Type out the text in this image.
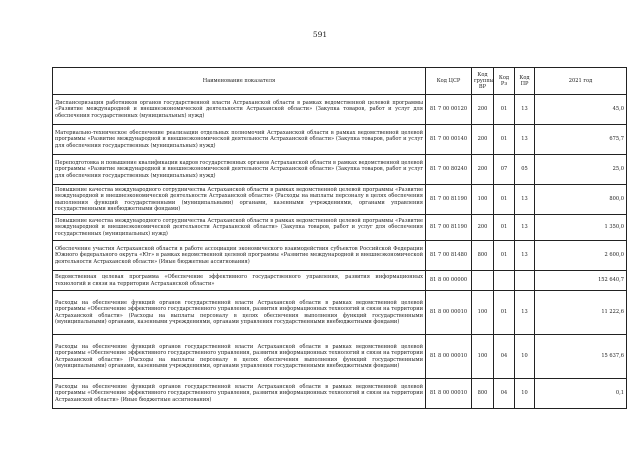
591
Наименование показателя	Код ЦСР	Код группы ВР	Код Рз	Код ПР	2021 год
Диспансеризация работников органов государственной власти Астраханской области в рамках ведомственной целевой программы «Развитие международной и внешнеэкономической деятельности Астраханской области» (Закупка товаров, работ и услуг для обеспечения государственных (муниципальных) нужд)	81 7 00 00120	200	01	13	45,0
Материально-техническое обеспечение реализации отдельных полномочий Астраханской области в рамках ведомственной целевой программы «Развитие международной и внешнеэкономической деятельности Астраханской области» (Закупка товаров, работ и услуг для обеспечения государственных (муниципальных) нужд)	81 7 00 00140	200	01	13	675,7
Переподготовка и повышение квалификации кадров государственных органов Астраханской области в рамках ведомственной целевой программы «Развитие международной и внешнеэкономической деятельности Астраханской области» (Закупка товаров, работ и услуг для обеспечения государственных (муниципальных) нужд)	81 7 00 80240	200	07	05	25,0
Повышение качества международного сотрудничества Астраханской области в рамках ведомственной целевой программы «Развитие международной и внешнеэкономической деятельности Астраханской области» (Расходы на выплаты персоналу в целях обеспечения выполнения функций государственными (муниципальными) органами, казенными учреждениями, органами управления государственными внебюджетными фондами)	81 7 00 81190	100	01	13	800,0
Повышение качества международного сотрудничества Астраханской области в рамках ведомственной целевой программы «Развитие международной и внешнеэкономической деятельности Астраханской области» (Закупка товаров, работ и услуг для обеспечения государственных (муниципальных) нужд)	81 7 00 81190	200	01	13	1 350,0
Обеспечение участия Астраханской области в работе ассоциации экономического взаимодействия субъектов Российской Федерации Южного федерального округа «Юг» в рамках ведомственной целевой программы «Развитие международной и внешнеэкономической деятельности Астраханской области» (Иные бюджетные ассигнования)	81 7 00 81480	800	01	13	2 600,0
Ведомственная целевая программа «Обеспечение эффективного государственного управления, развития информационных технологий и связи на территории Астраханской области»	81 8 00 00000				152 640,7
Расходы на обеспечение функций органов государственной власти Астраханской области в рамках ведомственной целевой программы «Обеспечение эффективного государственного управления, развития информационных технологий и связи на территории Астраханской области» (Расходы на выплаты персоналу в целях обеспечения выполнения функций государственными (муниципальными) органами, казенными учреждениями, органами управления государственными внебюджетными фондами)	81 8 00 00010	100	01	13	11 222,6
Расходы на обеспечение функций органов государственной власти Астраханской области в рамках ведомственной целевой программы «Обеспечение эффективного государственного управления, развития информационных технологий и связи на территории Астраханской области» (Расходы на выплаты персоналу в целях обеспечения выполнения функций государственными (муниципальными) органами, казенными учреждениями, органами управления государственными внебюджетными фондами)	81 8 00 00010	100	04	10	15 637,6
Расходы на обеспечение функций органов государственной власти Астраханской области в рамках ведомственной целевой программы «Обеспечение эффективного государственного управления, развития информационных технологий и связи на территории Астраханской области» (Иные бюджетные ассигнования)	81 8 00 00010	800	04	10	0,1
